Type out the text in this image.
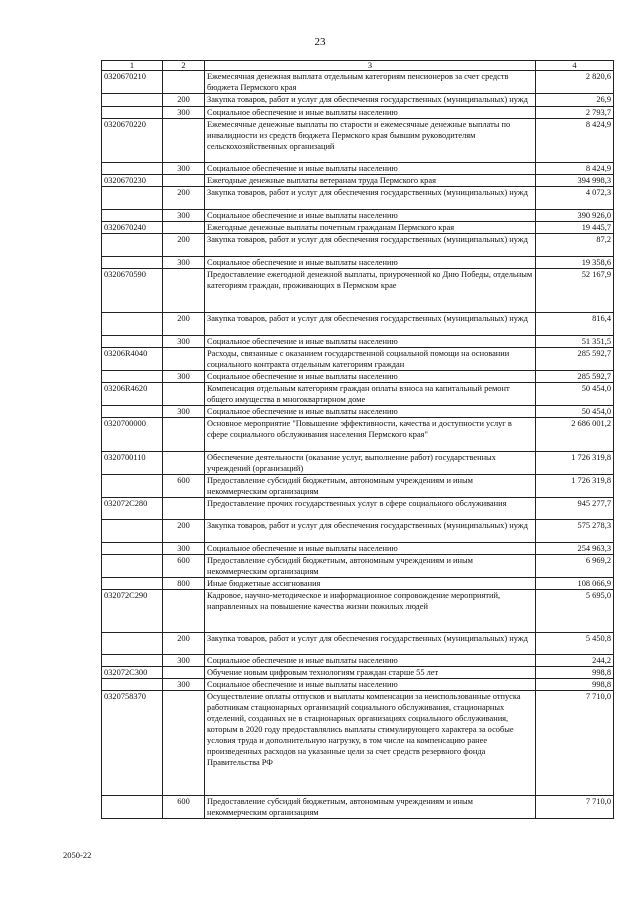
23
1	2	3	4
0320670210		Ежемесячная денежная выплата отдельным категориям пенсионеров за счет средств бюджета Пермского края	2 820,6
	200	Закупка товаров, работ и услуг для обеспечения государственных (муниципальных) нужд	26,9
	300	Социальное обеспечение и иные выплаты населению	2 793,7
0320670220		Ежемесячные денежные выплаты по старости и ежемесячные денежные выплаты по инвалидности из средств бюджета Пермского края бывшим руководителям сельскохозяйственных организаций	8 424,9
	300	Социальное обеспечение и иные выплаты населению	8 424,9
0320670230		Ежегодные денежные выплаты ветеранам труда Пермского края	394 998,3
	200	Закупка товаров, работ и услуг для обеспечения государственных (муниципальных) нужд	4 072,3
	300	Социальное обеспечение и иные выплаты населению	390 926,0
0320670240		Ежегодные денежные выплаты почетным гражданам Пермского края	19 445,7
	200	Закупка товаров, работ и услуг для обеспечения государственных (муниципальных) нужд	87,2
	300	Социальное обеспечение и иные выплаты населению	19 358,6
0320670590		Предоставление ежегодной денежной выплаты, приуроченной ко Дню Победы, отдельным категориям граждан, проживающих в Пермском крае	52 167,9
	200	Закупка товаров, работ и услуг для обеспечения государственных (муниципальных) нужд	816,4
	300	Социальное обеспечение и иные выплаты населению	51 351,5
03206R4040		Расходы, связанные с оказанием государственной социальной помощи на основании социального контракта отдельным категориям граждан	285 592,7
	300	Социальное обеспечение и иные выплаты населению	285 592,7
03206R4620		Компенсация отдельным категориям граждан оплаты взноса на капитальный ремонт общего имущества в многоквартирном доме	50 454,0
	300	Социальное обеспечение и иные выплаты населению	50 454,0
0320700000		Основное мероприятие "Повышение эффективности, качества и доступности услуг в сфере социального обслуживания населения Пермского края"	2 686 001,2
0320700110		Обеспечение деятельности (оказание услуг, выполнение работ) государственных учреждений (организаций)	1 726 319,8
	600	Предоставление субсидий бюджетным, автономным учреждениям и иным некоммерческим организациям	1 726 319,8
032072С280		Предоставление прочих государственных услуг в сфере социального обслуживания	945 277,7
	200	Закупка товаров, работ и услуг для обеспечения государственных (муниципальных) нужд	575 278,3
	300	Социальное обеспечение и иные выплаты населению	254 963,3
	600	Предоставление субсидий бюджетным, автономным учреждениям и иным некоммерческим организациям	6 969,2
	800	Иные бюджетные ассигнования	108 066,9
032072С290		Кадровое, научно-методическое и информационное сопровождение мероприятий, направленных на повышение качества жизни пожилых людей	5 695,0
	200	Закупка товаров, работ и услуг для обеспечения государственных (муниципальных) нужд	5 450,8
	300	Социальное обеспечение и иные выплаты населению	244,2
032072С300		Обучение новым цифровым технологиям граждан старше 55 лет	998,8
	300	Социальное обеспечение и иные выплаты населению	998,8
0320758370		Осуществление оплаты отпусков и выплаты компенсации за неиспользованные отпуска работникам стационарных организаций социального обслуживания, стационарных отделений, созданных не в стационарных организациях социального обслуживания, которым в 2020 году предоставлялись выплаты стимулирующего характера за особые условия труда и дополнительную нагрузку, в том числе на компенсацию ранее произведенных расходов на указанные цели за счет средств резервного фонда Правительства РФ	7 710,0
	600	Предоставление субсидий бюджетным, автономным учреждениям и иным некоммерческим организациям	7 710,0
2050-22
